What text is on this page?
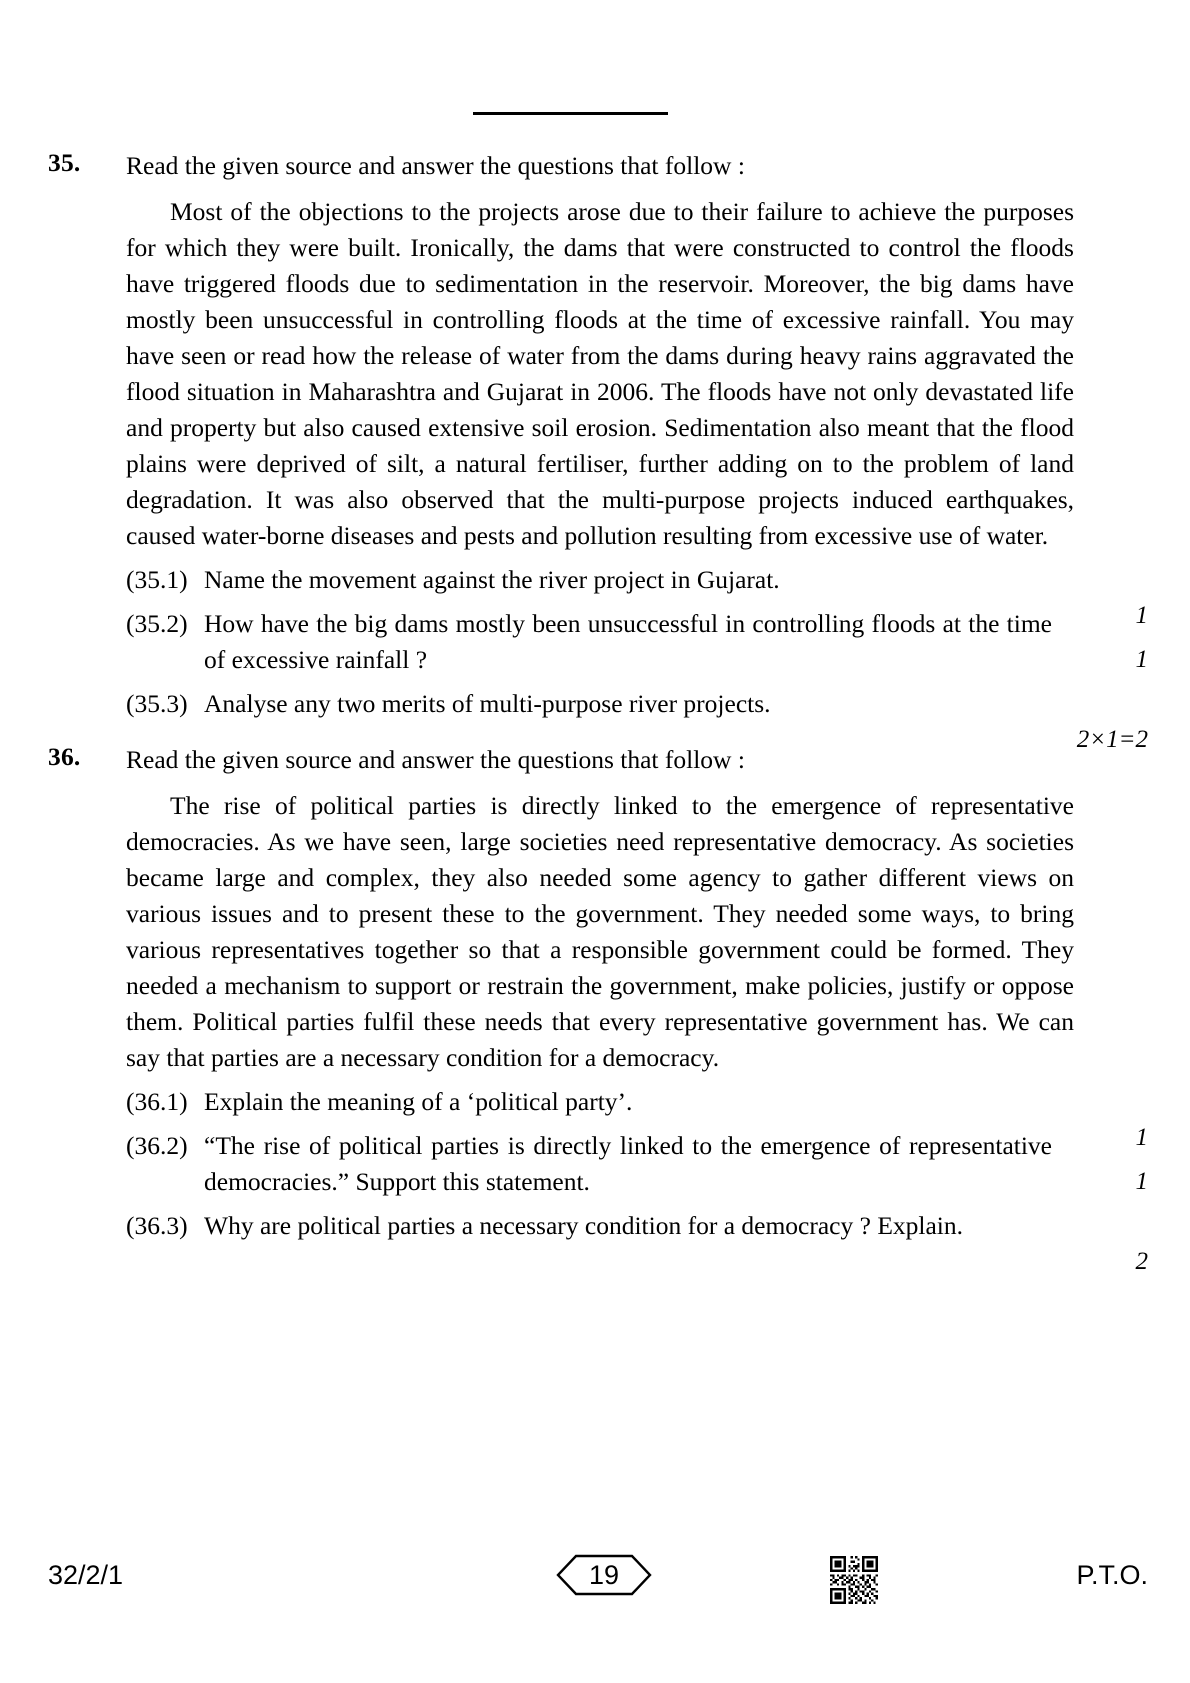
35.	Read the given source and answer the questions that follow :
Most of the objections to the projects arose due to their failure to achieve the purposes for which they were built. Ironically, the dams that were constructed to control the floods have triggered floods due to sedimentation in the reservoir. Moreover, the big dams have mostly been unsuccessful in controlling floods at the time of excessive rainfall. You may have seen or read how the release of water from the dams during heavy rains aggravated the flood situation in Maharashtra and Gujarat in 2006. The floods have not only devastated life and property but also caused extensive soil erosion. Sedimentation also meant that the flood plains were deprived of silt, a natural fertiliser, further adding on to the problem of land degradation. It was also observed that the multi-purpose projects induced earthquakes, caused water-borne diseases and pests and pollution resulting from excessive use of water.
(35.1) Name the movement against the river project in Gujarat.
1
(35.2) How have the big dams mostly been unsuccessful in controlling floods at the time of excessive rainfall ?	1
(35.3) Analyse any two merits of multi-purpose river projects.
2×1=2
36.	Read the given source and answer the questions that follow :
The rise of political parties is directly linked to the emergence of representative democracies. As we have seen, large societies need representative democracy. As societies became large and complex, they also needed some agency to gather different views on various issues and to present these to the government. They needed some ways, to bring various representatives together so that a responsible government could be formed. They needed a mechanism to support or restrain the government, make policies, justify or oppose them. Political parties fulfil these needs that every representative government has. We can say that parties are a necessary condition for a democracy.
(36.1) Explain the meaning of a ‘political party’.
1
(36.2) “The rise of political parties is directly linked to the emergence of representative democracies.” Support this statement.	1
(36.3) Why are political parties a necessary condition for a democracy ? Explain.
2
32/2/1	19	P.T.O.
